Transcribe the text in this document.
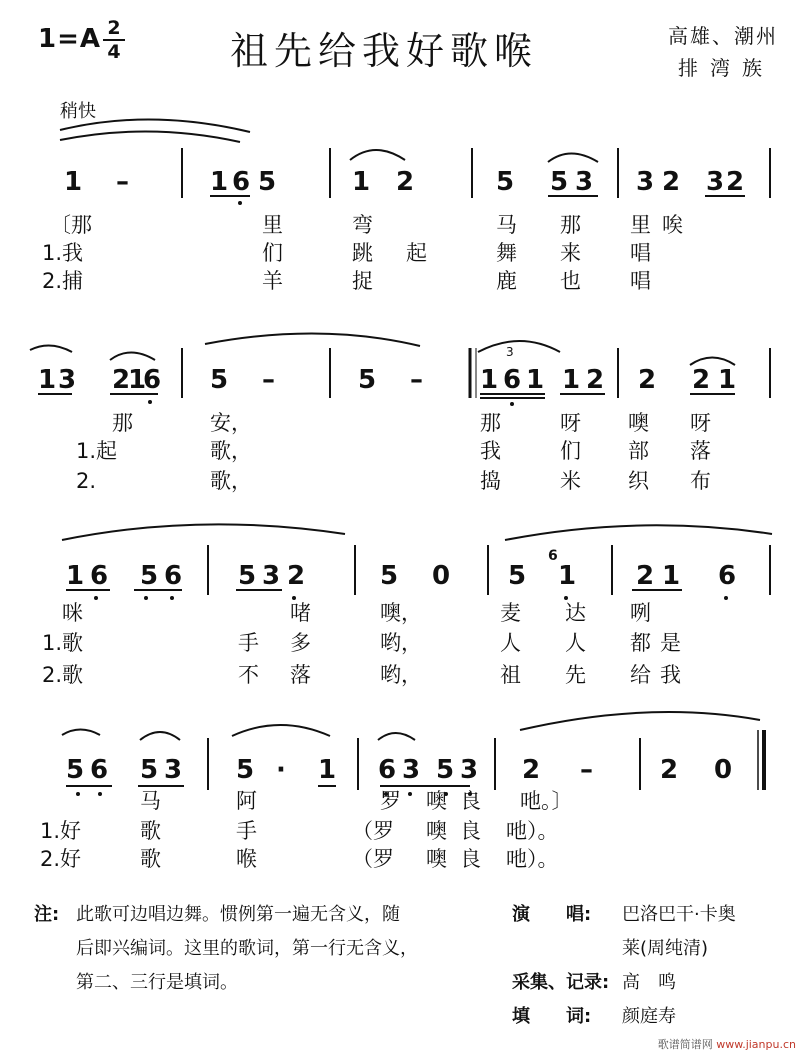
1=A 2
4	祖先给我好歌喉	高雄、潮州
排湾族
稍快
1 –	1 6 5	1 2	5 5 3 3 2 3 2
〔那	里	弯	马 那 里 唉
1.我	们	跳 起	舞 来 唱
2.捕	羊	捉	鹿 也 唱
3
1 3 2
1
6 5 –	5 – 1 6 1 1 2 2 2 1
那	安，	那	呀 噢 呀
1.起	歌，	我	们 部 落
2.	歌，	捣	米 织 布
1 6 5 6 5 3 2	5 0 5
6
1 2 1 6
咪	啫	噢，	麦 达 咧
1.歌	手 多	哟，	人 人 都 是
2.歌	不 落	哟，	祖 先 给 我
5 6 5 3 5 · 1 6 3 5 3 2 –	2 0
马	阿	罗 噢 良 吔。〕
1.好	歌	手	（罗 噢 良 吔）。
2.好	歌	喉	（罗 噢 良 吔）。
注: 此歌可边唱边舞。惯例第一遍无含义，随
后即兴编词。这里的歌词，第一行无含义，
第二、三行是填词。
演　　唱: 巴洛巴干·卡奥
莱(周纯清)
采集、记录: 高　鸣
填　　词: 颜庭寿
歌谱简谱网 www.jianpu.cn
